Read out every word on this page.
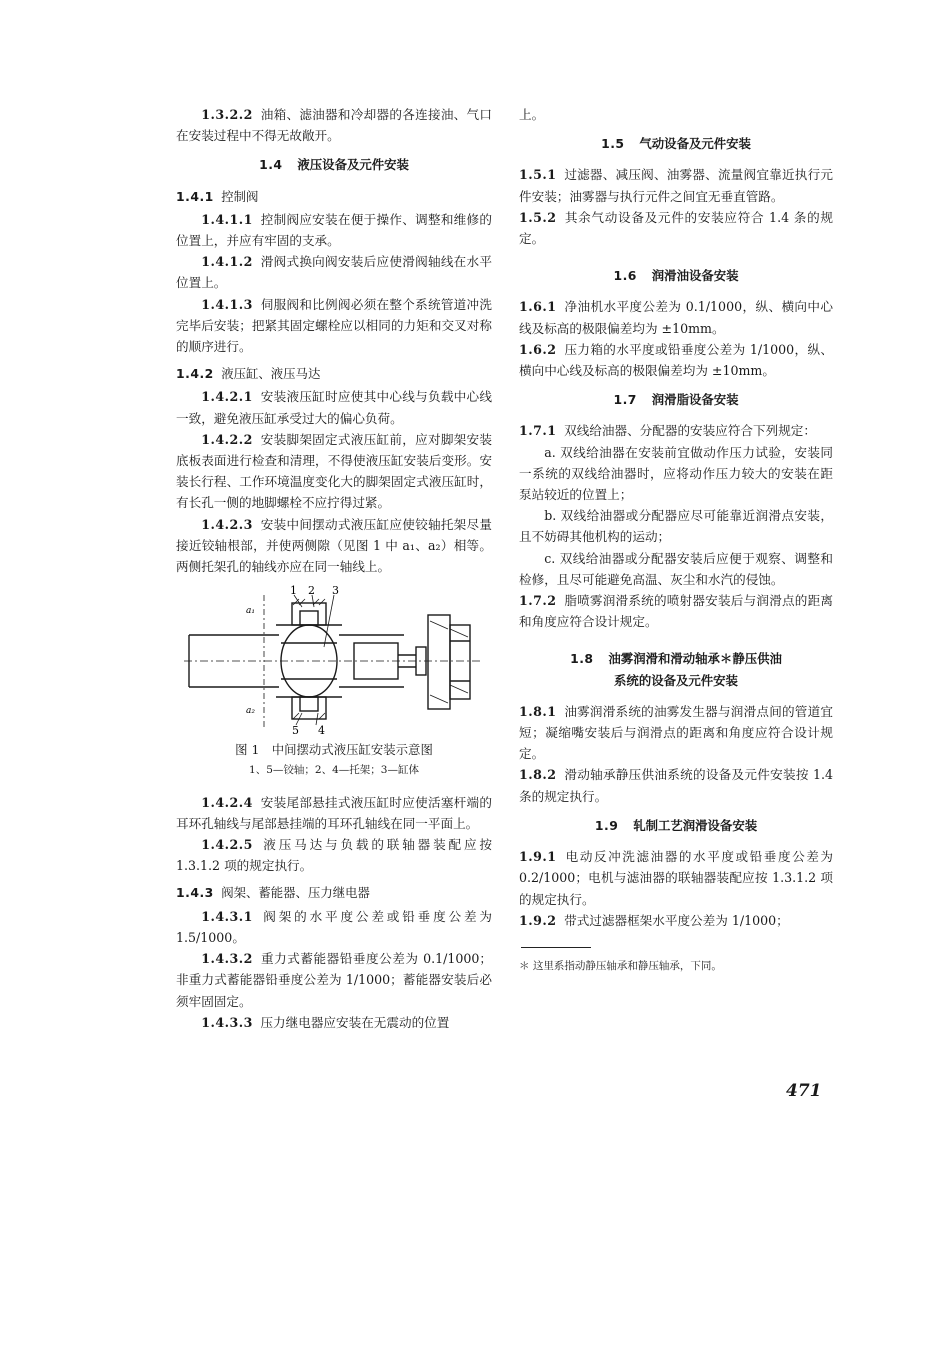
1.3.2.2 油箱、滤油器和冷却器的各连接油、气口在安装过程中不得无故敞开。

1.4 液压设备及元件安装
1.4.1 控制阀

1.4.1.1 控制阀应安装在便于操作、调整和维修的位置上，并应有牢固的支承。

1.4.1.2 滑阀式换向阀安装后应使滑阀轴线在水平位置上。

1.4.1.3 伺服阀和比例阀必须在整个系统管道冲洗完毕后安装；把紧其固定螺栓应以相同的力矩和交叉对称的顺序进行。

1.4.2 液压缸、液压马达

1.4.2.1 安装液压缸时应使其中心线与负载中心线一致，避免液压缸承受过大的偏心负荷。

1.4.2.2 安装脚架固定式液压缸前，应对脚架安装底板表面进行检查和清理，不得使液压缸安装后变形。安装长行程、工作环境温度变化大的脚架固定式液压缸时，有长孔一侧的地脚螺栓不应拧得过紧。

1.4.2.3 安装中间摆动式液压缸应使铰轴托架尽量接近铰轴根部，并使两侧隙（见图 1 中 a₁、a₂）相等。两侧托架孔的轴线亦应在同一轴线上。

1 2 3
4
5
a₁
a₂
图 1　中间摆动式液压缸安装示意图
1、5—铰轴；2、4—托架；3—缸体

1.4.2.4 安装尾部悬挂式液压缸时应使活塞杆端的耳环孔轴线与尾部悬挂端的耳环孔轴线在同一平面上。

1.4.2.5 液压马达与负载的联轴器装配应按 1.3.1.2 项的规定执行。

1.4.3 阀架、蓄能器、压力继电器

1.4.3.1 阀架的水平度公差或铅垂度公差为 1.5/1000。

1.4.3.2 重力式蓄能器铅垂度公差为 0.1/1000；非重力式蓄能器铅垂度公差为 1/1000；蓄能器安装后必须牢固固定。

1.4.3.3 压力继电器应安装在无震动的位置

上。

1.5 气动设备及元件安装

1.5.1 过滤器、减压阀、油雾器、流量阀宜靠近执行元件安装；油雾器与执行元件之间宜无垂直管路。

1.5.2 其余气动设备及元件的安装应符合 1.4 条的规定。

1.6 润滑油设备安装

1.6.1 净油机水平度公差为 0.1/1000，纵、横向中心线及标高的极限偏差均为 ±10mm。

1.6.2 压力箱的水平度或铅垂度公差为 1/1000，纵、横向中心线及标高的极限偏差均为 ±10mm。

1.7 润滑脂设备安装

1.7.1 双线给油器、分配器的安装应符合下列规定：

a. 双线给油器在安装前宜做动作压力试验，安装同一系统的双线给油器时，应将动作压力较大的安装在距泵站较近的位置上；

b. 双线给油器或分配器应尽可能靠近润滑点安装，且不妨碍其他机构的运动；

c. 双线给油器或分配器安装后应便于观察、调整和检修，且尽可能避免高温、灰尘和水汽的侵蚀。

1.7.2 脂喷雾润滑系统的喷射器安装后与润滑点的距离和角度应符合设计规定。

1.8 油雾润滑和滑动轴承＊静压供油
系统的设备及元件安装

1.8.1 油雾润滑系统的油雾发生器与润滑点间的管道宜短；凝缩嘴安装后与润滑点的距离和角度应符合设计规定。

1.8.2 滑动轴承静压供油系统的设备及元件安装按 1.4 条的规定执行。

1.9 轧制工艺润滑设备安装

1.9.1 电动反冲洗滤油器的水平度或铅垂度公差为 0.2/1000；电机与滤油器的联轴器装配应按 1.3.1.2 项的规定执行。

1.9.2 带式过滤器框架水平度公差为 1/1000；

＊ 这里系指动静压轴承和静压轴承，下同。

471
